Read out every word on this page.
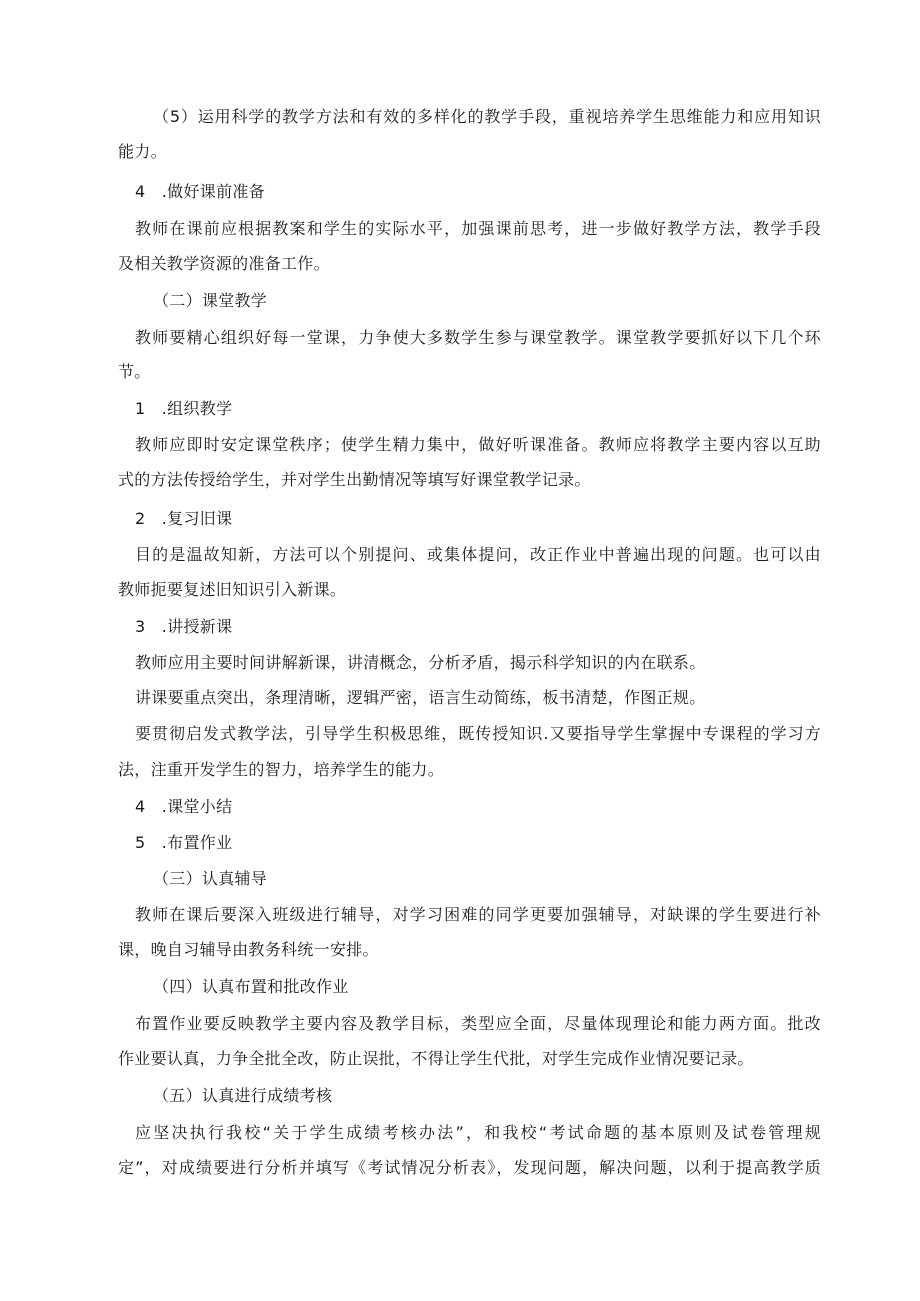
（5）运用科学的教学方法和有效的多样化的教学手段，重视培养学生思维能力和应用知识
能力。
4　.做好课前准备
教师在课前应根据教案和学生的实际水平，加强课前思考，进一步做好教学方法，教学手段
及相关教学资源的准备工作。
（二）课堂教学
教师要精心组织好每一堂课，力争使大多数学生参与课堂教学。课堂教学要抓好以下几个环
节。
1　.组织教学
教师应即时安定课堂秩序；使学生精力集中，做好听课准备。教师应将教学主要内容以互助
式的方法传授给学生，并对学生出勤情况等填写好课堂教学记录。
2　.复习旧课
目的是温故知新，方法可以个别提问、或集体提问，改正作业中普遍出现的问题。也可以由
教师扼要复述旧知识引入新课。
3　.讲授新课
教师应用主要时间讲解新课，讲清概念，分析矛盾，揭示科学知识的内在联系。
讲课要重点突出，条理清晰，逻辑严密，语言生动简练，板书清楚，作图正规。
要贯彻启发式教学法，引导学生积极思维，既传授知识.又要指导学生掌握中专课程的学习方
法，注重开发学生的智力，培养学生的能力。
4　.课堂小结
5　.布置作业
（三）认真辅导
教师在课后要深入班级进行辅导，对学习困难的同学更要加强辅导，对缺课的学生要进行补
课，晚自习辅导由教务科统一安排。
（四）认真布置和批改作业
布置作业要反映教学主要内容及教学目标，类型应全面，尽量体现理论和能力两方面。批改
作业要认真，力争全批全改，防止误批，不得让学生代批，对学生完成作业情况要记录。
（五）认真进行成绩考核
应坚决执行我校“关于学生成绩考核办法”，和我校“考试命题的基本原则及试卷管理规
定”，对成绩要进行分析并填写《考试情况分析表》，发现问题，解决问题，以利于提高教学质
